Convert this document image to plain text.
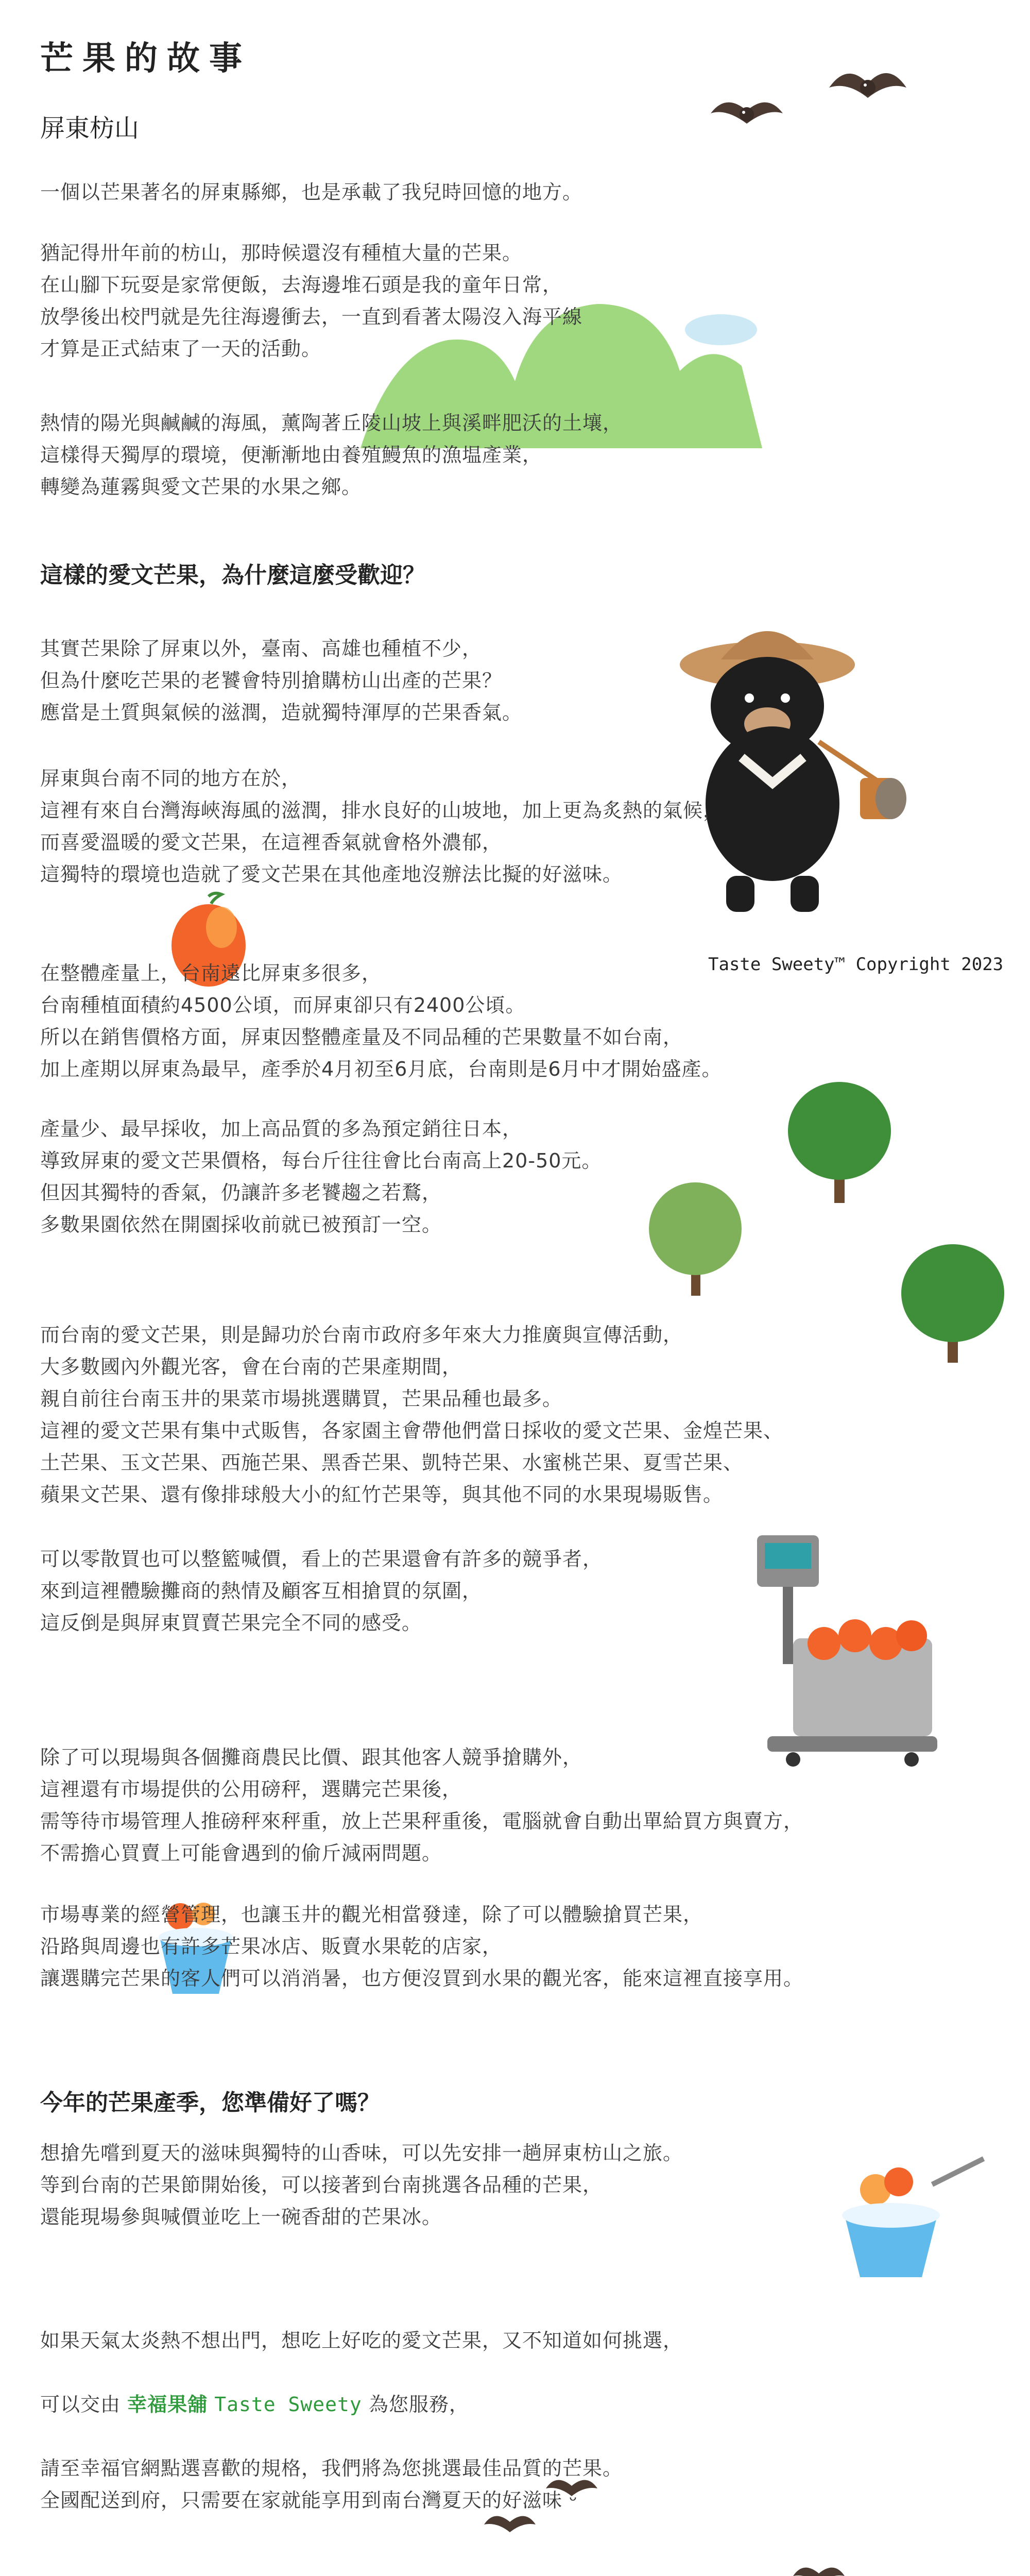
芒果的故事
屏東枋山
一個以芒果著名的屏東縣鄉，也是承載了我兒時回憶的地方。
猶記得卅年前的枋山，那時候還沒有種植大量的芒果。
在山腳下玩耍是家常便飯，去海邊堆石頭是我的童年日常，
放學後出校門就是先往海邊衝去，一直到看著太陽沒入海平線
才算是正式結束了一天的活動。
熱情的陽光與鹹鹹的海風，薰陶著丘陵山坡上與溪畔肥沃的土壤，
這樣得天獨厚的環境，便漸漸地由養殖鰻魚的漁塭產業，
轉變為蓮霧與愛文芒果的水果之鄉。
這樣的愛文芒果，為什麼這麼受歡迎？
其實芒果除了屏東以外，臺南、高雄也種植不少，
但為什麼吃芒果的老饕會特別搶購枋山出產的芒果？
應當是土質與氣候的滋潤，造就獨特渾厚的芒果香氣。
屏東與台南不同的地方在於，
這裡有來自台灣海峽海風的滋潤，排水良好的山坡地，加上更為炙熱的氣候，
而喜愛溫暖的愛文芒果，在這裡香氣就會格外濃郁，
這獨特的環境也造就了愛文芒果在其他產地沒辦法比擬的好滋味。
Taste Sweety™ Copyright 2023
在整體產量上，台南遠比屏東多很多，
台南種植面積約4500公頃，而屏東卻只有2400公頃。
所以在銷售價格方面，屏東因整體產量及不同品種的芒果數量不如台南，
加上產期以屏東為最早，產季於4月初至6月底，台南則是6月中才開始盛產。
產量少、最早採收，加上高品質的多為預定銷往日本，
導致屏東的愛文芒果價格，每台斤往往會比台南高上20-50元。
但因其獨特的香氣，仍讓許多老饕趨之若鶩，
多數果園依然在開園採收前就已被預訂一空。
而台南的愛文芒果，則是歸功於台南市政府多年來大力推廣與宣傳活動，
大多數國內外觀光客，會在台南的芒果產期間，
親自前往台南玉井的果菜市場挑選購買，芒果品種也最多。
這裡的愛文芒果有集中式販售，各家園主會帶他們當日採收的愛文芒果、金煌芒果、
土芒果、玉文芒果、西施芒果、黑香芒果、凱特芒果、水蜜桃芒果、夏雪芒果、
蘋果文芒果、還有像排球般大小的紅竹芒果等，與其他不同的水果現場販售。
可以零散買也可以整籃喊價，看上的芒果還會有許多的競爭者，
來到這裡體驗攤商的熱情及顧客互相搶買的氛圍，
這反倒是與屏東買賣芒果完全不同的感受。
除了可以現場與各個攤商農民比價、跟其他客人競爭搶購外，
這裡還有市場提供的公用磅秤，選購完芒果後，
需等待市場管理人推磅秤來秤重，放上芒果秤重後，電腦就會自動出單給買方與賣方，
不需擔心買賣上可能會遇到的偷斤減兩問題。
市場專業的經營管理，也讓玉井的觀光相當發達，除了可以體驗搶買芒果，
沿路與周邊也有許多芒果冰店、販賣水果乾的店家，
讓選購完芒果的客人們可以消消暑，也方便沒買到水果的觀光客，能來這裡直接享用。
今年的芒果產季，您準備好了嗎？
想搶先嚐到夏天的滋味與獨特的山香味，可以先安排一趟屏東枋山之旅。
等到台南的芒果節開始後，可以接著到台南挑選各品種的芒果，
還能現場參與喊價並吃上一碗香甜的芒果冰。

如果天氣太炎熱不想出門，想吃上好吃的愛文芒果，又不知道如何挑選，

可以交由 幸福果舖 Taste Sweety 為您服務，

請至幸福官網點選喜歡的規格，我們將為您挑選最佳品質的芒果。
全國配送到府，只需要在家就能享用到南台灣夏天的好滋味 ᵕ̈
